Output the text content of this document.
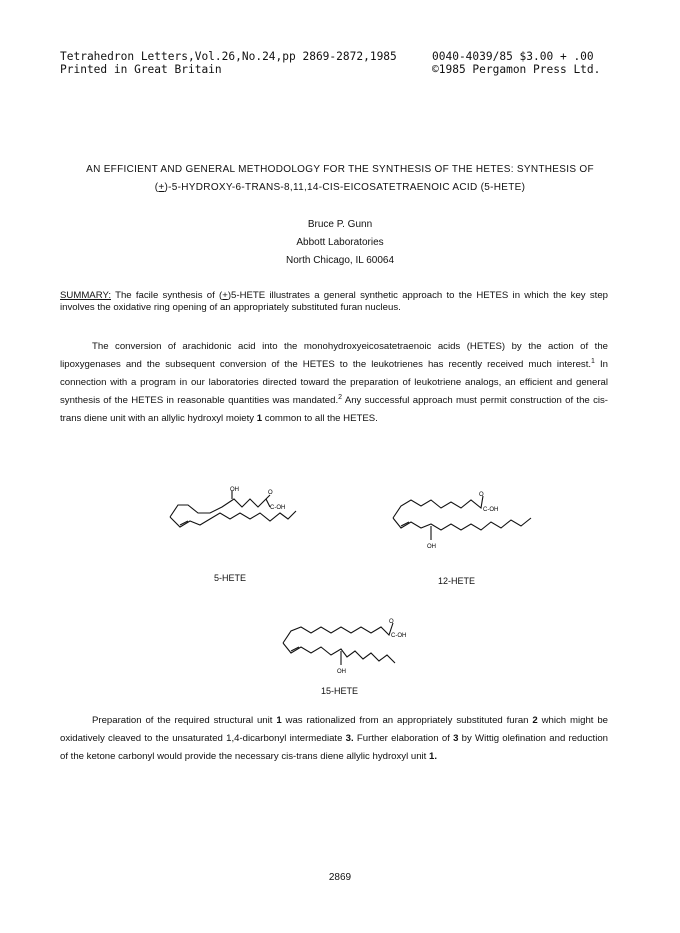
Tetrahedron Letters,Vol.26,No.24,pp 2869-2872,1985
Printed in Great Britain
0040-4039/85 $3.00 + .00
©1985 Pergamon Press Ltd.
AN EFFICIENT AND GENERAL METHODOLOGY FOR THE SYNTHESIS OF THE HETES: SYNTHESIS OF
(+)-5-HYDROXY-6-TRANS-8,11,14-CIS-EICOSATETRAENOIC ACID (5-HETE)
Bruce P. Gunn
Abbott Laboratories
North Chicago, IL 60064
SUMMARY: The facile synthesis of (+)5-HETE illustrates a general synthetic approach to the HETES in which the key step involves the oxidative ring opening of an appropriately substituted furan nucleus.
The conversion of arachidonic acid into the monohydroxyeicosatetraenoic acids (HETES) by the action of the lipoxygenases and the subsequent conversion of the HETES to the leukotrienes has recently received much interest.$^1$ In connection with a program in our laboratories directed toward the preparation of leukotriene analogs, an efficient and general synthesis of the HETES in reasonable quantities was mandated.$^2$ Any successful approach must permit construction of the cis-trans diene unit with an allylic hydroxyl moiety 1 common to all the HETES.
OH	O
C-OH
5-HETE
O
C-OH
OH
12-HETE
O
C-OH
OH
15-HETE
Preparation of the required structural unit 1 was rationalized from an appropriately substituted furan 2 which might be oxidatively cleaved to the unsaturated 1,4-dicarbonyl intermediate 3. Further elaboration of 3 by Wittig olefination and reduction of the ketone carbonyl would provide the necessary cis-trans diene allylic hydroxyl unit 1.
2869
